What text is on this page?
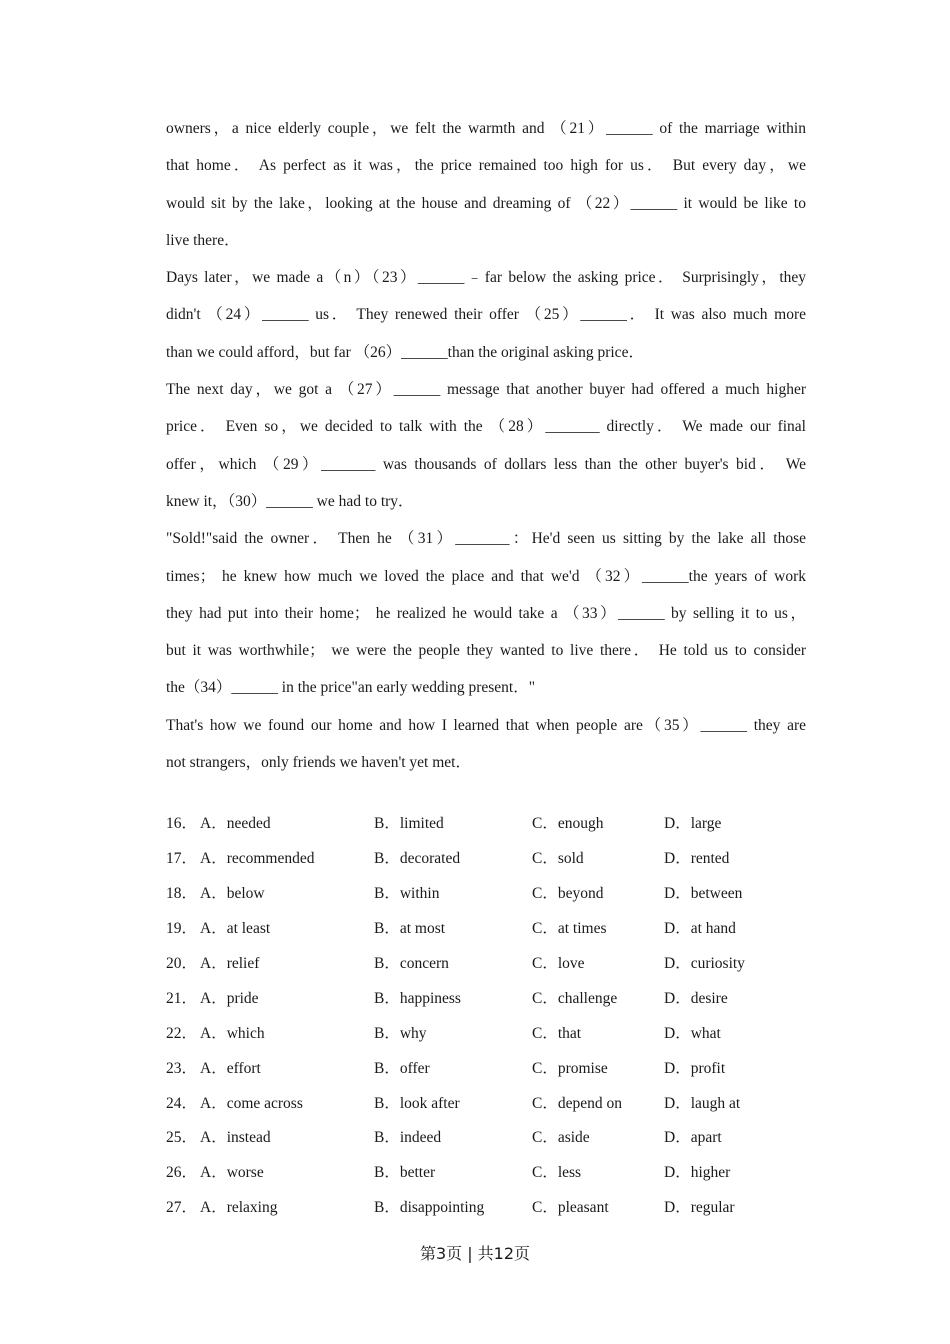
owners，a nice elderly couple，we felt the warmth and （21）______ of the marriage within
that home． As perfect as it was，the price remained too high for us． But every day，we
would sit by the lake，looking at the house and dreaming of （22）______ it would be like to
live there．
Days later，we made a（n）（23）______﹣far below the asking price． Surprisingly，they
didn't （24）______ us． They renewed their offer （25）______． It was also much more
than we could afford，but far （26）______than the original asking price．
The next day，we got a （27）______ message that another buyer had offered a much higher
price． Even so，we decided to talk with the （28）_______ directly． We made our final
offer，which （29）_______ was thousands of dollars less than the other buyer's bid． We
knew it，（30）______ we had to try．
"Sold!"said the owner． Then he （31）_______：He'd seen us sitting by the lake all those
times； he knew how much we loved the place and that we'd （32）______the years of work
they had put into their home； he realized he would take a （33）______ by selling it to us，
but it was worthwhile； we were the people they wanted to live there． He told us to consider
the（34）______ in the price"an early wedding present．"
That's how we found our home and how I learned that when people are（35）______ they are
not strangers，only friends we haven't yet met．
16． A．needed	B．limited	C．enough	D．large
17． A．recommended	B．decorated	C．sold	D．rented
18． A．below	B．within	C．beyond	D．between
19． A．at least	B．at most	C．at times	D．at hand
20． A．relief	B．concern	C．love	D．curiosity
21． A．pride	B．happiness	C．challenge	D．desire
22． A．which	B．why	C．that	D．what
23． A．effort	B．offer	C．promise	D．profit
24． A．come across	B．look after	C．depend on	D．laugh at
25． A．instead	B．indeed	C．aside	D．apart
26． A．worse	B．better	C．less	D．higher
27． A．relaxing	B．disappointing	C．pleasant	D．regular
第3页 | 共12页
